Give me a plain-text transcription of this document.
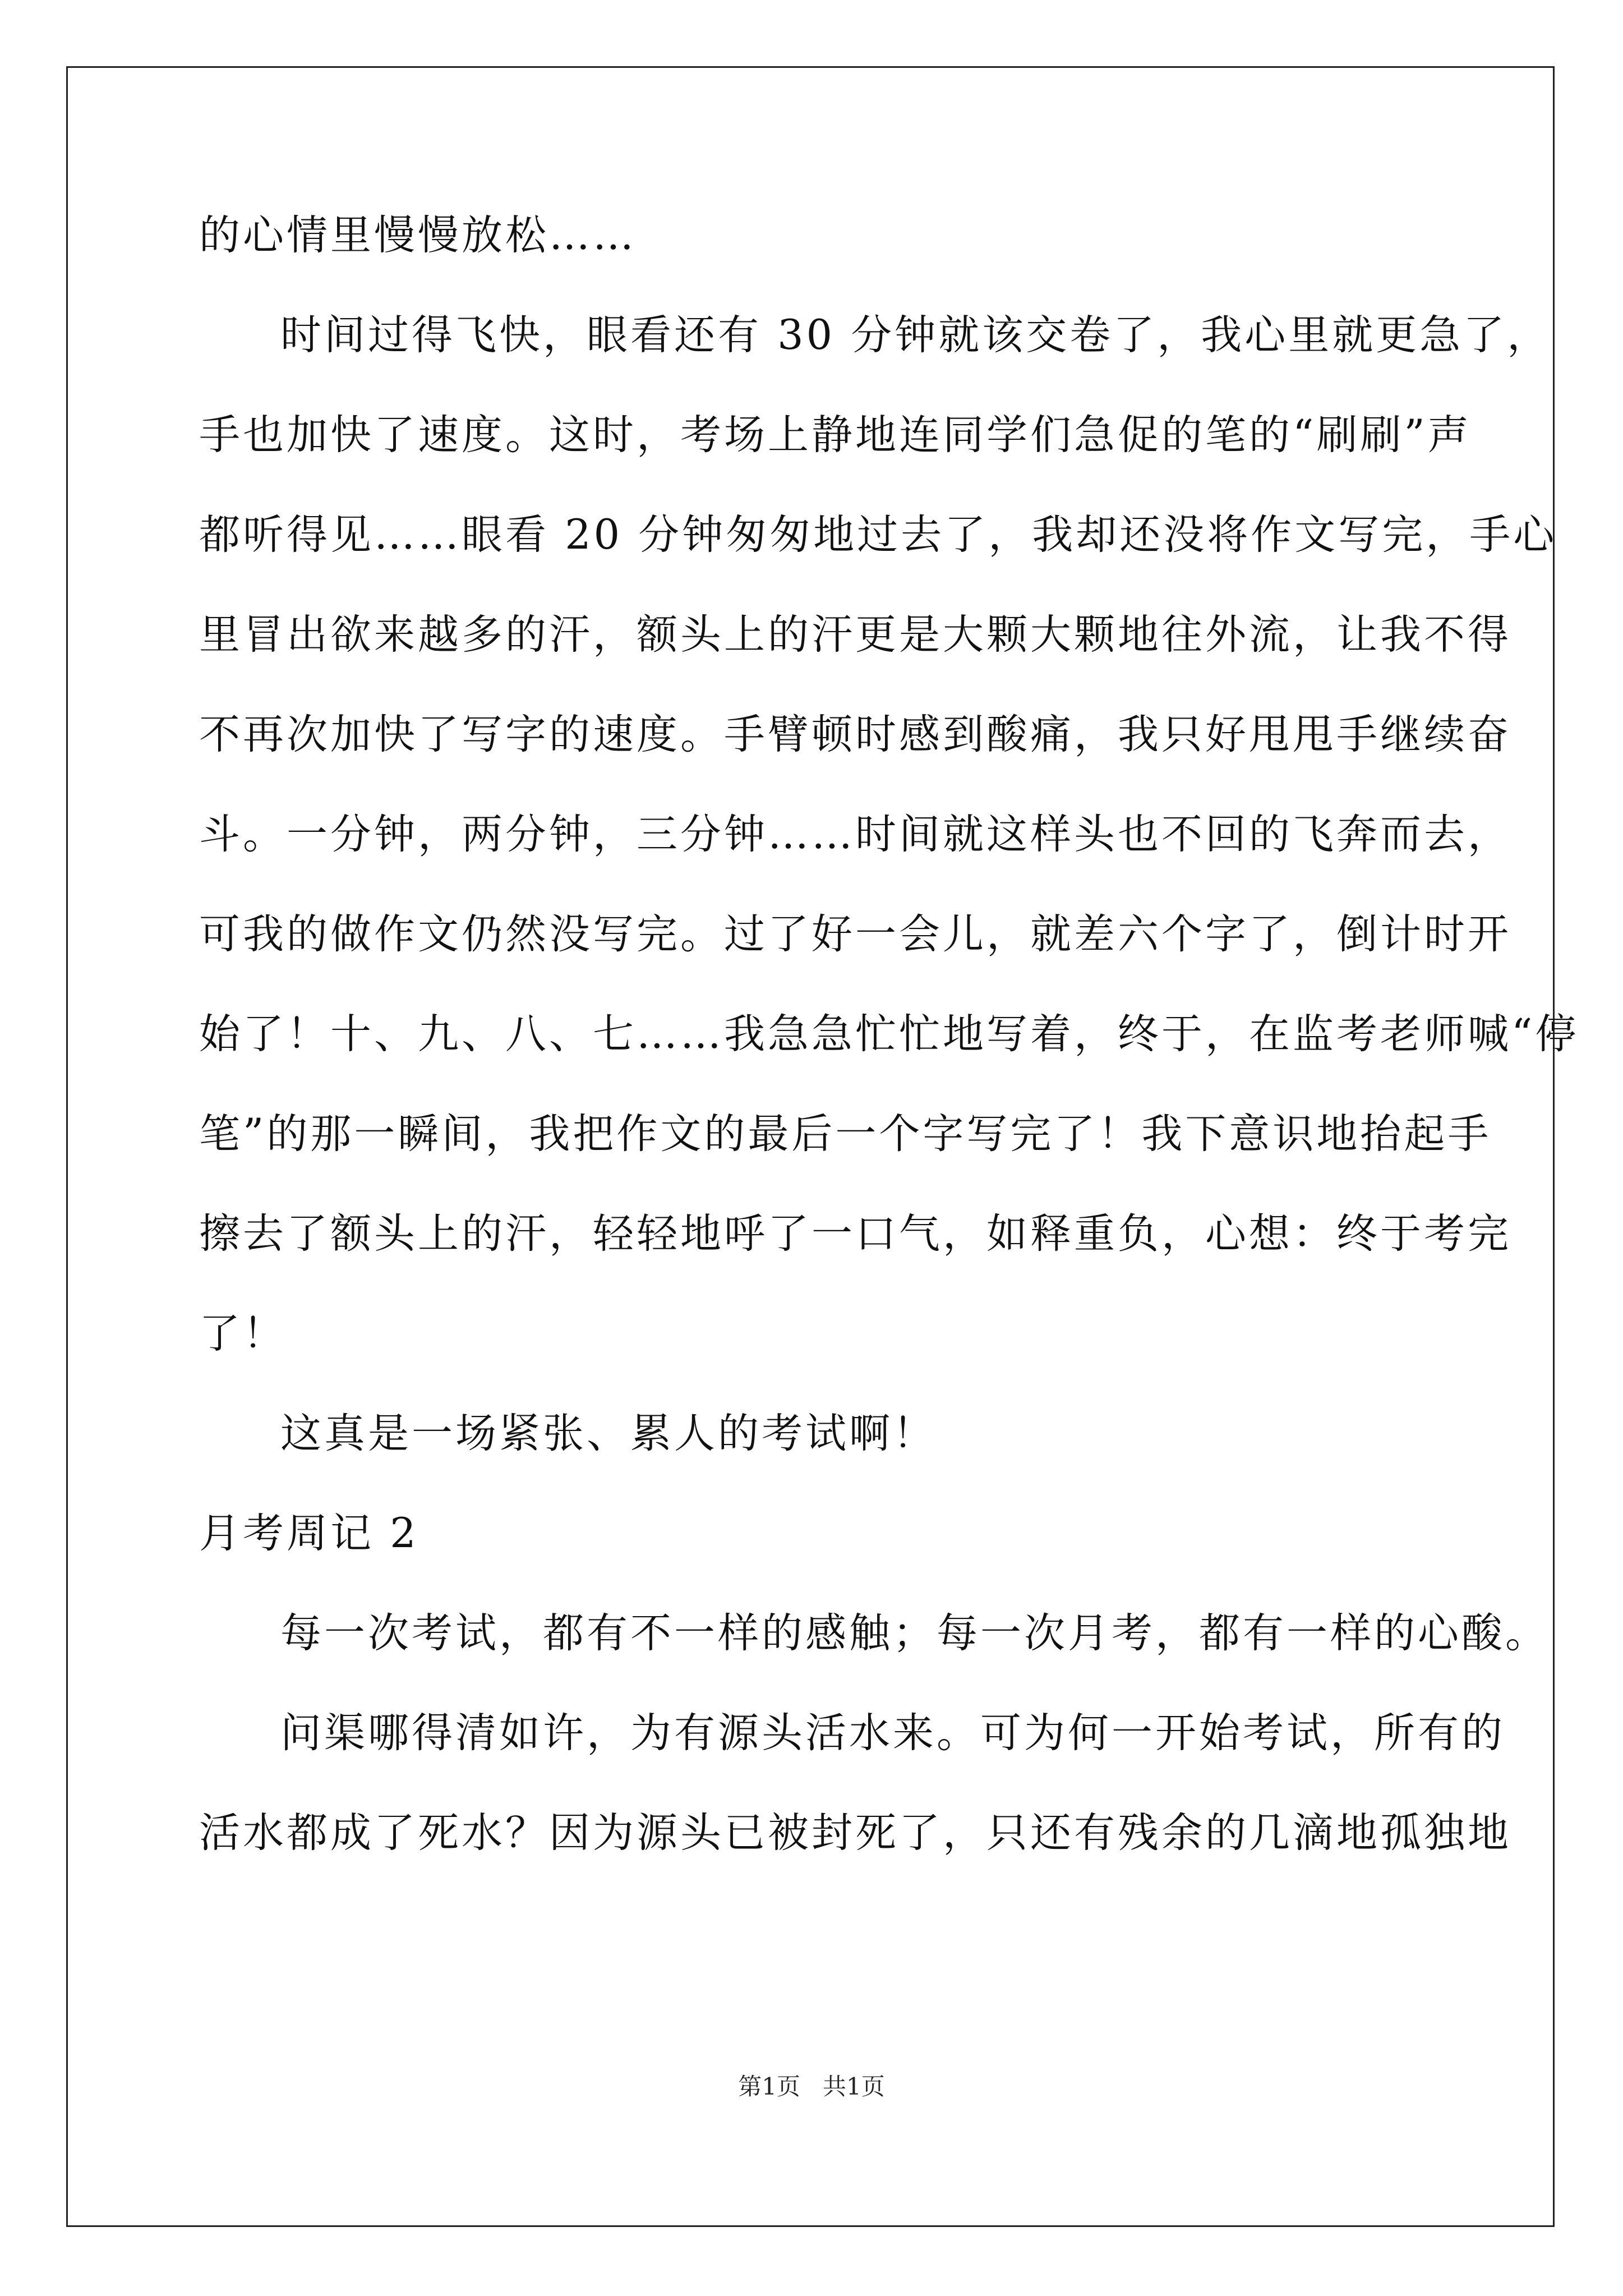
的心情里慢慢放松……
时间过得飞快，眼看还有 30 分钟就该交卷了，我心里就更急了，
手也加快了速度。这时，考场上静地连同学们急促的笔的“刷刷”声
都听得见……眼看 20 分钟匆匆地过去了，我却还没将作文写完，手心
里冒出欲来越多的汗，额头上的汗更是大颗大颗地往外流，让我不得
不再次加快了写字的速度。手臂顿时感到酸痛，我只好甩甩手继续奋
斗。一分钟，两分钟，三分钟……时间就这样头也不回的飞奔而去，
可我的做作文仍然没写完。过了好一会儿，就差六个字了，倒计时开
始了！十、九、八、七……我急急忙忙地写着，终于，在监考老师喊“停
笔”的那一瞬间，我把作文的最后一个字写完了！我下意识地抬起手
擦去了额头上的汗，轻轻地呼了一口气，如释重负，心想：终于考完
了！
这真是一场紧张、累人的考试啊！
月考周记 2
每一次考试，都有不一样的感触；每一次月考，都有一样的心酸。
问渠哪得清如许，为有源头活水来。可为何一开始考试，所有的
活水都成了死水？因为源头已被封死了，只还有残余的几滴地孤独地
第1页 共1页
